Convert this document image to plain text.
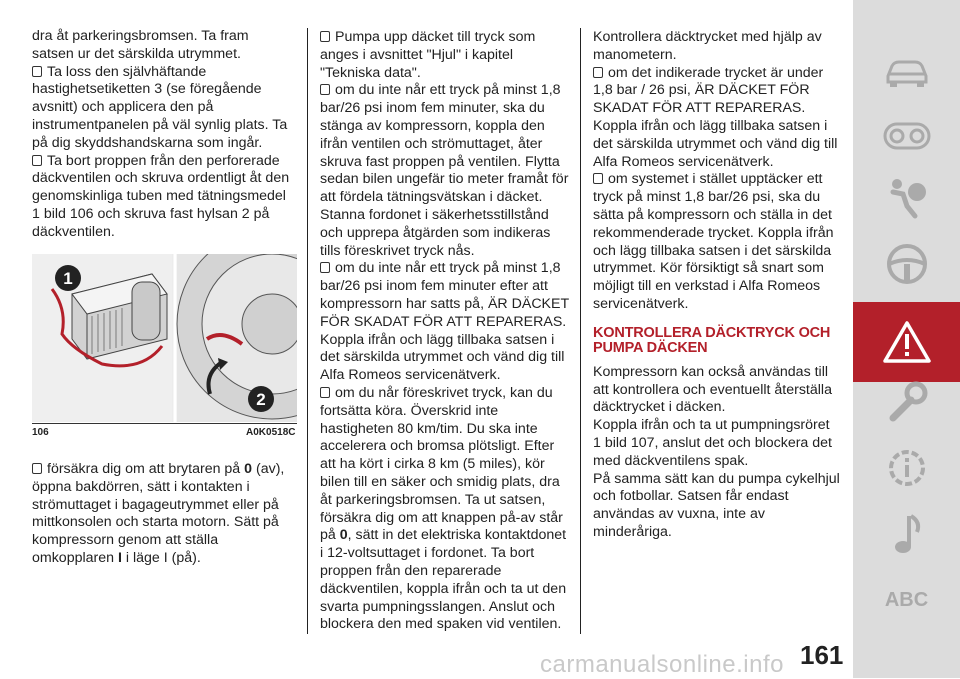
dra åt parkeringsbromsen. Ta fram satsen ur det särskilda utrymmet.

Ta loss den självhäftande hastighetsetiketten 3 (se föregående avsnitt) och applicera den på instrumentpanelen på väl synlig plats. Ta på dig skyddshandskarna som ingår.

Ta bort proppen från den perforerade däckventilen och skruva ordentligt åt den genomskinliga tuben med tätningsmedel 1 bild 106 och skruva fast hylsan 2 på däckventilen.

1
2
106	A0K0518C

försäkra dig om att brytaren på 0 (av), öppna bakdörren, sätt i kontakten i strömuttaget i bagageutrymmet eller på mittkonsolen och starta motorn. Sätt på kompressorn genom att ställa omkopplaren I i läge I (på).

Pumpa upp däcket till tryck som anges i avsnittet "Hjul" i kapitel "Tekniska data".

om du inte når ett tryck på minst 1,8 bar/26 psi inom fem minuter, ska du stänga av kompressorn, koppla den ifrån ventilen och strömuttaget, åter skruva fast proppen på ventilen. Flytta sedan bilen ungefär tio meter framåt för att fördela tätningsvätskan i däcket. Stanna fordonet i säkerhetsstillstånd och upprepa åtgärden som indikeras tills föreskrivet tryck nås.

om du inte når ett tryck på minst 1,8 bar/26 psi inom fem minuter efter att kompressorn har satts på, ÄR DÄCKET FÖR SKADAT FÖR ATT REPARERAS. Koppla ifrån och lägg tillbaka satsen i det särskilda utrymmet och vänd dig till Alfa Romeos servicenätverk.

om du når föreskrivet tryck, kan du fortsätta köra. Överskrid inte hastigheten 80 km/tim. Du ska inte accelerera och bromsa plötsligt. Efter att ha kört i cirka 8 km (5 miles), kör bilen till en säker och smidig plats, dra åt parkeringsbromsen. Ta ut satsen, försäkra dig om att knappen på-av står på 0, sätt in det elektriska kontaktdonet i 12-voltsuttaget i fordonet. Ta bort proppen från den reparerade däckventilen, koppla ifrån och ta ut den svarta pumpningsslangen. Anslut och blockera den med spaken vid ventilen.

Kontrollera däcktrycket med hjälp av manometern.

om det indikerade trycket är under 1,8 bar / 26 psi, ÄR DÄCKET FÖR SKADAT FÖR ATT REPARERAS. Koppla ifrån och lägg tillbaka satsen i det särskilda utrymmet och vänd dig till Alfa Romeos servicenätverk.

om systemet i stället upptäcker ett tryck på minst 1,8 bar/26 psi, ska du sätta på kompressorn och ställa in det rekommenderade trycket. Koppla ifrån och lägg tillbaka satsen i det särskilda utrymmet. Kör försiktigt så snart som möjligt till en verkstad i Alfa Romeos servicenätverk.

KONTROLLERA DÄCKTRYCK OCH PUMPA DÄCKEN

Kompressorn kan också användas till att kontrollera och eventuellt återställa däcktrycket i däcken.

Koppla ifrån och ta ut pumpningsröret 1 bild 107, anslut det och blockera det med däckventilens spak.

På samma sätt kan du pumpa cykelhjul och fotbollar. Satsen får endast användas av vuxna, inte av minderåriga.

ABC
carmanualsonline.info 161
